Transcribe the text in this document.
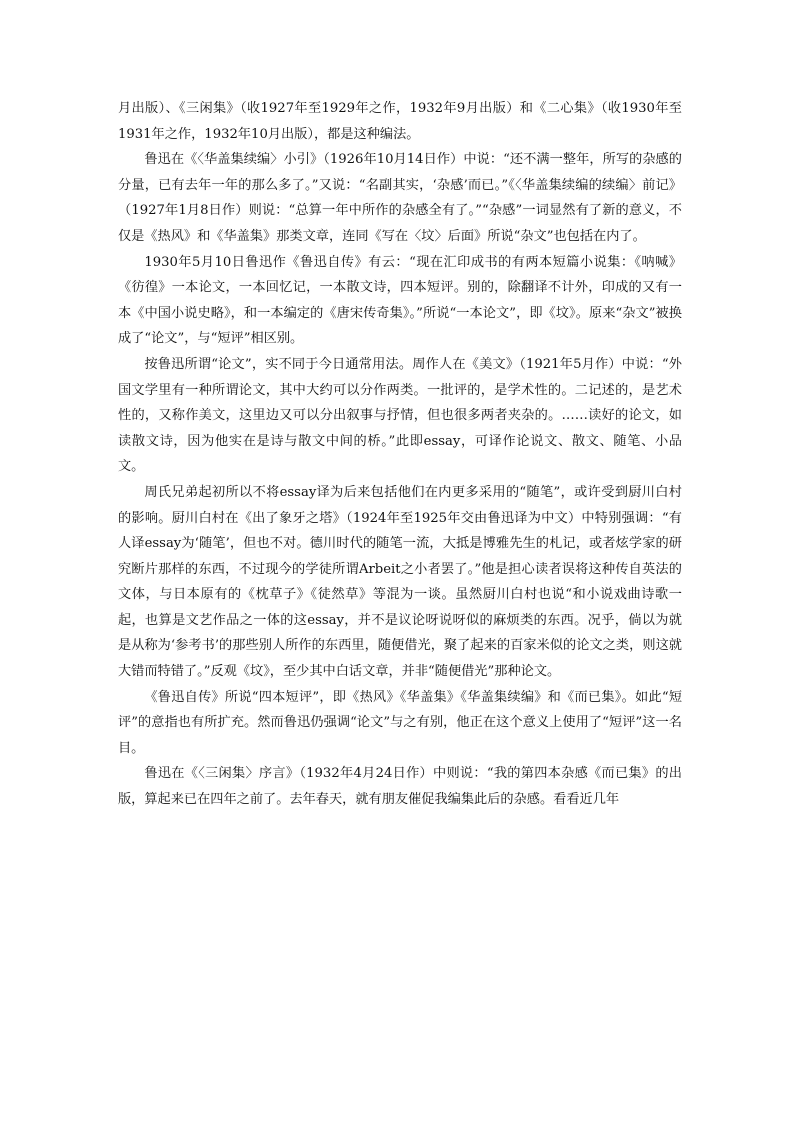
月出版）、《三闲集》（收1927年至1929年之作，1932年9月出版）和《二心集》（收1930年至1931年之作，1932年10月出版），都是这种编法。

鲁迅在《〈华盖集续编〉小引》（1926年10月14日作）中说：“还不满一整年，所写的杂感的分量，已有去年一年的那么多了。”又说：“名副其实，‘杂感’而已。”《〈华盖集续编的续编〉前记》（1927年1月8日作）则说：“总算一年中所作的杂感全有了。”“杂感”一词显然有了新的意义，不仅是《热风》和《华盖集》那类文章，连同《写在〈坟〉后面》所说“杂文”也包括在内了。

1930年5月10日鲁迅作《鲁迅自传》有云：“现在汇印成书的有两本短篇小说集：《呐喊》《彷徨》一本论文，一本回忆记，一本散文诗，四本短评。别的，除翻译不计外，印成的又有一本《中国小说史略》，和一本编定的《唐宋传奇集》。”所说“一本论文”，即《坟》。原来“杂文”被换成了“论文”，与“短评”相区别。

按鲁迅所谓“论文”，实不同于今日通常用法。周作人在《美文》（1921年5月作）中说：“外国文学里有一种所谓论文，其中大约可以分作两类。一批评的，是学术性的。二记述的，是艺术性的，又称作美文，这里边又可以分出叙事与抒情，但也很多两者夹杂的。……读好的论文，如读散文诗，因为他实在是诗与散文中间的桥。”此即essay，可译作论说文、散文、随笔、小品文。

周氏兄弟起初所以不将essay译为后来包括他们在内更多采用的“随笔”，或许受到厨川白村的影响。厨川白村在《出了象牙之塔》（1924年至1925年交由鲁迅译为中文）中特别强调：“有人译essay为‘随笔’，但也不对。德川时代的随笔一流，大抵是博雅先生的札记，或者炫学家的研究断片那样的东西，不过现今的学徒所谓Arbeit之小者罢了。”他是担心读者误将这种传自英法的文体，与日本原有的《枕草子》《徒然草》等混为一谈。虽然厨川白村也说“和小说戏曲诗歌一起，也算是文艺作品之一体的这essay，并不是议论呀说呀似的麻烦类的东西。况乎，倘以为就是从称为‘参考书’的那些别人所作的东西里，随便借光，聚了起来的百家米似的论文之类，则这就大错而特错了。”反观《坟》，至少其中白话文章，并非“随便借光”那种论文。

《鲁迅自传》所说“四本短评”，即《热风》《华盖集》《华盖集续编》和《而已集》。如此“短评”的意指也有所扩充。然而鲁迅仍强调“论文”与之有别，他正在这个意义上使用了“短评”这一名目。

鲁迅在《〈三闲集〉序言》（1932年4月24日作）中则说：“我的第四本杂感《而已集》的出版，算起来已在四年之前了。去年春天，就有朋友催促我编集此后的杂感。看看近几年
